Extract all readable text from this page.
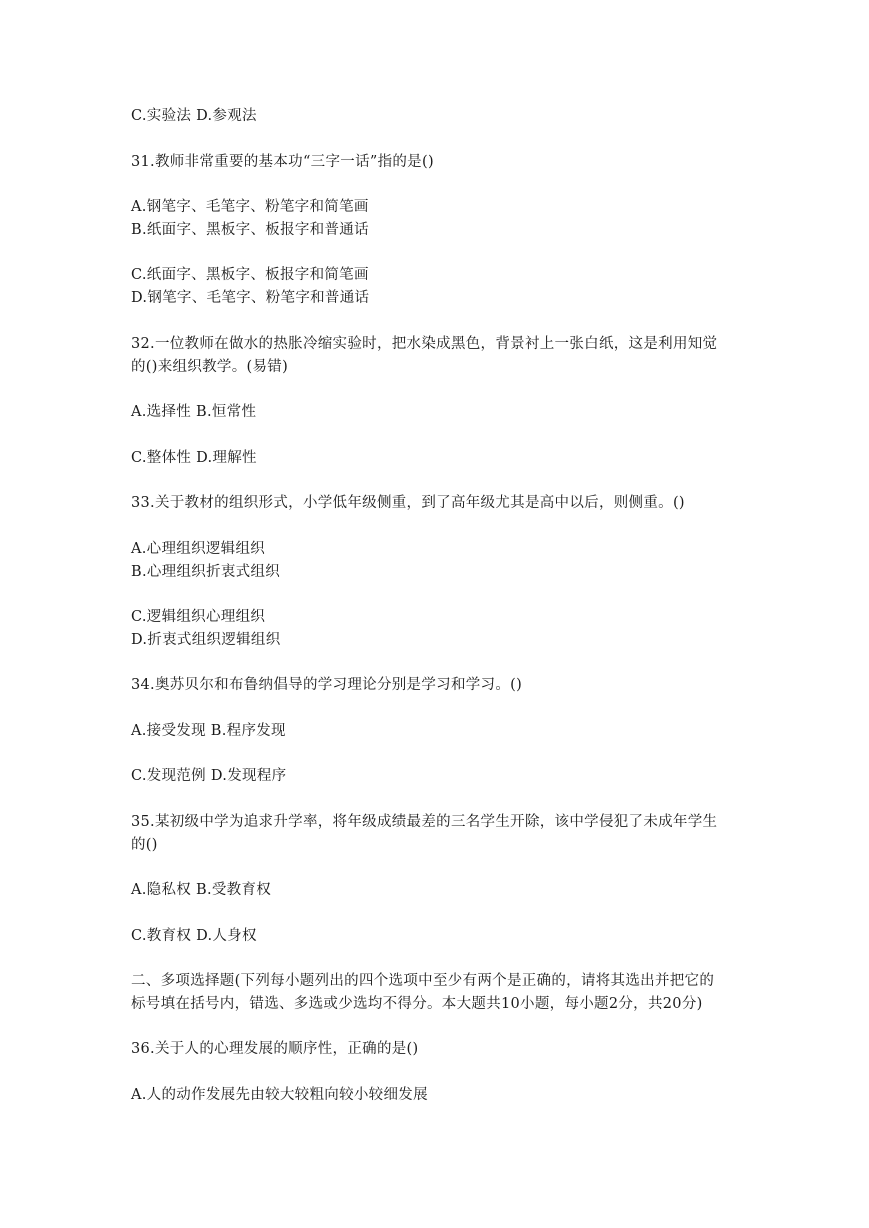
C.实验法 D.参观法
31.教师非常重要的基本功“三字一话”指的是()
A.钢笔字、毛笔字、粉笔字和简笔画
B.纸面字、黑板字、板报字和普通话
C.纸面字、黑板字、板报字和简笔画
D.钢笔字、毛笔字、粉笔字和普通话
32.一位教师在做水的热胀冷缩实验时，把水染成黑色，背景衬上一张白纸，这是利用知觉
的()来组织教学。(易错)
A.选择性 B.恒常性
C.整体性 D.理解性
33.关于教材的组织形式，小学低年级侧重，到了高年级尤其是高中以后，则侧重。()
A.心理组织逻辑组织
B.心理组织折衷式组织
C.逻辑组织心理组织
D.折衷式组织逻辑组织
34.奥苏贝尔和布鲁纳倡导的学习理论分别是学习和学习。()
A.接受发现 B.程序发现
C.发现范例 D.发现程序
35.某初级中学为追求升学率，将年级成绩最差的三名学生开除，该中学侵犯了未成年学生
的()
A.隐私权 B.受教育权
C.教育权 D.人身权
二、多项选择题(下列每小题列出的四个选项中至少有两个是正确的，请将其选出并把它的
标号填在括号内，错选、多选或少选均不得分。本大题共10小题，每小题2分，共20分)
36.关于人的心理发展的顺序性，正确的是()
A.人的动作发展先由较大较粗向较小较细发展
